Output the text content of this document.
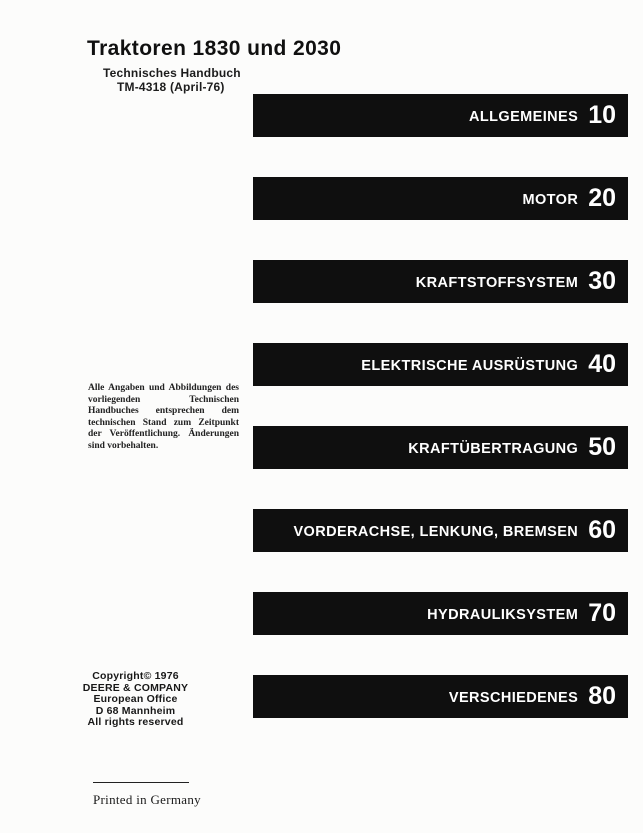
Traktoren 1830 und 2030
Technisches Handbuch
TM-4318 (April-76)
ALLGEMEINES 10
MOTOR 20
KRAFTSTOFFSYSTEM 30
ELEKTRISCHE AUSRÜSTUNG 40
KRAFTÜBERTRAGUNG 50
VORDERACHSE, LENKUNG, BREMSEN 60
HYDRAULIKSYSTEM 70
VERSCHIEDENES 80
Alle Angaben und Abbildungen des vorliegenden Technischen Handbuches entsprechen dem technischen Stand zum Zeitpunkt der Veröffentlichung. Änderungen sind vorbehalten.
Copyright© 1976
DEERE & COMPANY
European Office
D 68 Mannheim
All rights reserved
Printed in Germany
